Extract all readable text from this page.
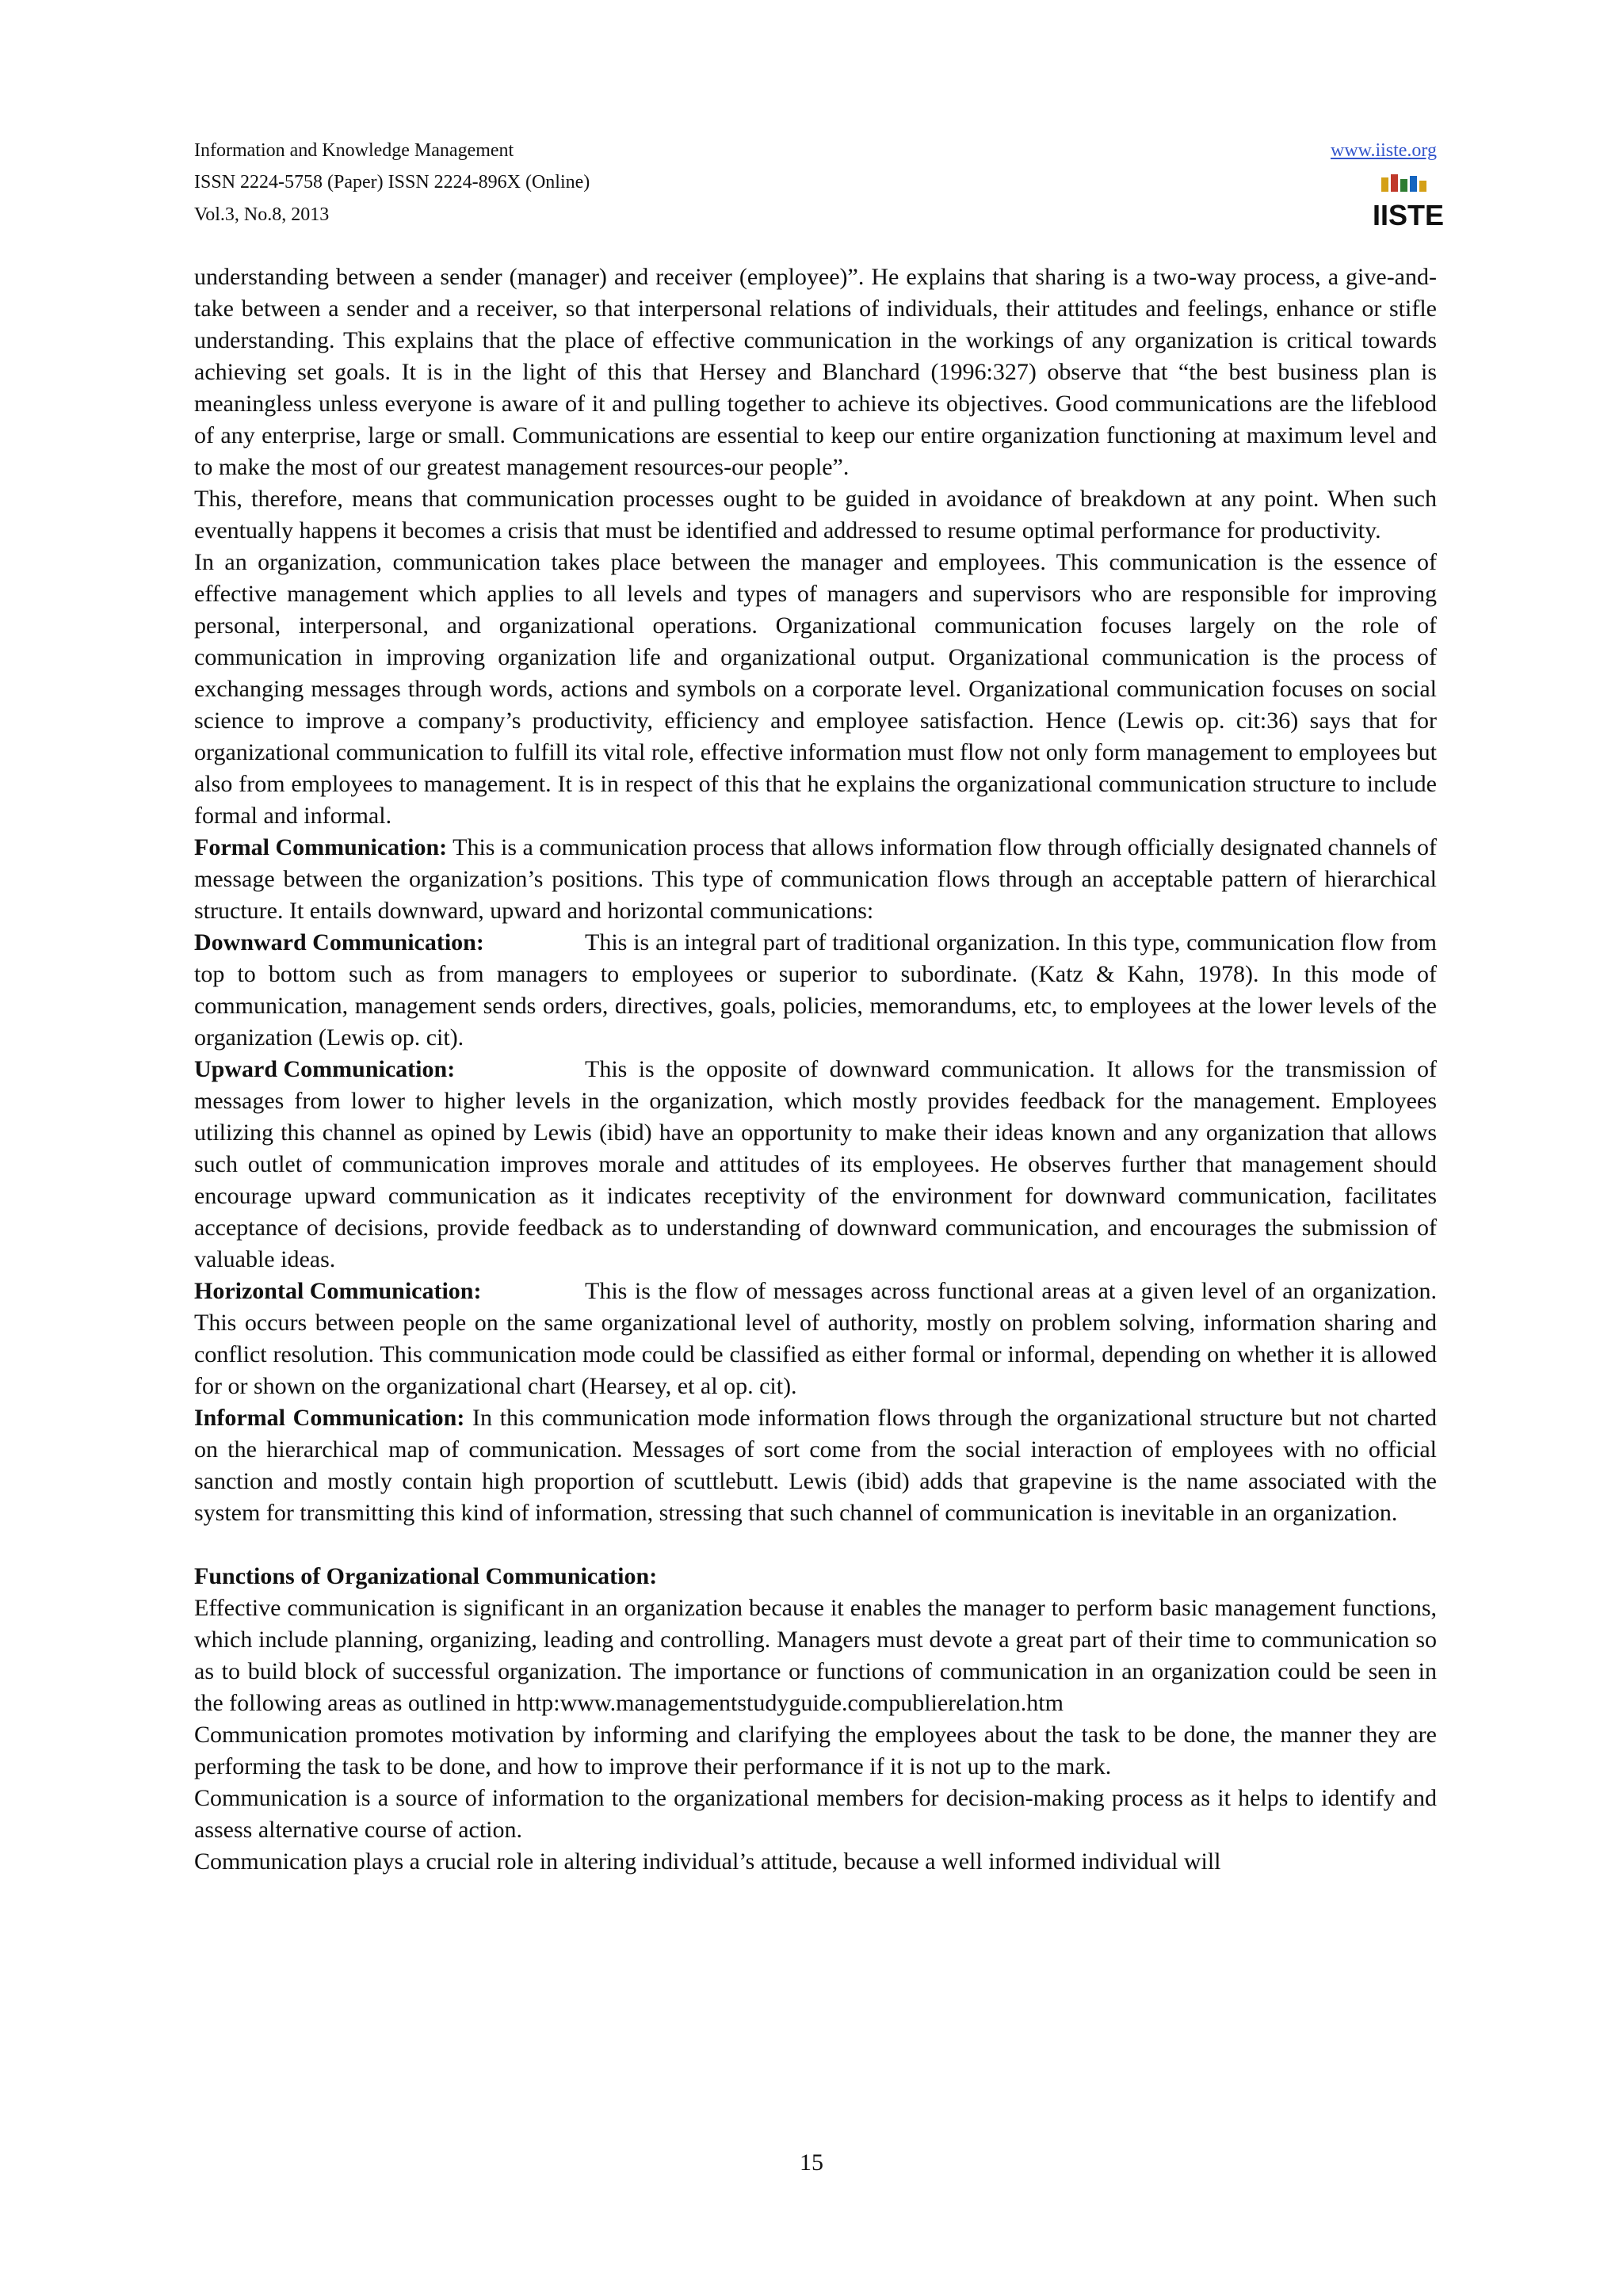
Information and Knowledge Management
ISSN 2224-5758 (Paper) ISSN 2224-896X (Online)
Vol.3, No.8, 2013
www.iiste.org
IISTE

understanding between a sender (manager) and receiver (employee)”. He explains that sharing is a two-way process, a give-and-take between a sender and a receiver, so that interpersonal relations of individuals, their attitudes and feelings, enhance or stifle understanding. This explains that the place of effective communication in the workings of any organization is critical towards achieving set goals. It is in the light of this that Hersey and Blanchard (1996:327) observe that “the best business plan is meaningless unless everyone is aware of it and pulling together to achieve its objectives. Good communications are the lifeblood of any enterprise, large or small. Communications are essential to keep our entire organization functioning at maximum level and to make the most of our greatest management resources-our people”.

This, therefore, means that communication processes ought to be guided in avoidance of breakdown at any point. When such eventually happens it becomes a crisis that must be identified and addressed to resume optimal performance for productivity.

In an organization, communication takes place between the manager and employees. This communication is the essence of effective management which applies to all levels and types of managers and supervisors who are responsible for improving personal, interpersonal, and organizational operations. Organizational communication focuses largely on the role of communication in improving organization life and organizational output. Organizational communication is the process of exchanging messages through words, actions and symbols on a corporate level. Organizational communication focuses on social science to improve a company’s productivity, efficiency and employee satisfaction. Hence (Lewis op. cit:36) says that for organizational communication to fulfill its vital role, effective information must flow not only form management to employees but also from employees to management. It is in respect of this that he explains the organizational communication structure to include formal and informal.

Formal Communication: This is a communication process that allows information flow through officially designated channels of message between the organization’s positions. This type of communication flows through an acceptable pattern of hierarchical structure. It entails downward, upward and horizontal communications:

Downward Communication:	This is an integral part of traditional organization. In this type, communication flow from top to bottom such as from managers to employees or superior to subordinate. (Katz & Kahn, 1978). In this mode of communication, management sends orders, directives, goals, policies, memorandums, etc, to employees at the lower levels of the organization (Lewis op. cit).

Upward Communication:	This is the opposite of downward communication. It allows for the transmission of messages from lower to higher levels in the organization, which mostly provides feedback for the management. Employees utilizing this channel as opined by Lewis (ibid) have an opportunity to make their ideas known and any organization that allows such outlet of communication improves morale and attitudes of its employees. He observes further that management should encourage upward communication as it indicates receptivity of the environment for downward communication, facilitates acceptance of decisions, provide feedback as to understanding of downward communication, and encourages the submission of valuable ideas.

Horizontal Communication:	This is the flow of messages across functional areas at a given level of an organization. This occurs between people on the same organizational level of authority, mostly on problem solving, information sharing and conflict resolution. This communication mode could be classified as either formal or informal, depending on whether it is allowed for or shown on the organizational chart (Hearsey, et al op. cit).

Informal Communication: In this communication mode information flows through the organizational structure but not charted on the hierarchical map of communication. Messages of sort come from the social interaction of employees with no official sanction and mostly contain high proportion of scuttlebutt. Lewis (ibid) adds that grapevine is the name associated with the system for transmitting this kind of information, stressing that such channel of communication is inevitable in an organization.

Functions of Organizational Communication:

Effective communication is significant in an organization because it enables the manager to perform basic management functions, which include planning, organizing, leading and controlling. Managers must devote a great part of their time to communication so as to build block of successful organization. The importance or functions of communication in an organization could be seen in the following areas as outlined in http:www.managementstudyguide.compublierelation.htm

Communication promotes motivation by informing and clarifying the employees about the task to be done, the manner they are performing the task to be done, and how to improve their performance if it is not up to the mark.

Communication is a source of information to the organizational members for decision-making process as it helps to identify and assess alternative course of action.

Communication plays a crucial role in altering individual’s attitude, because a well informed individual will

15
